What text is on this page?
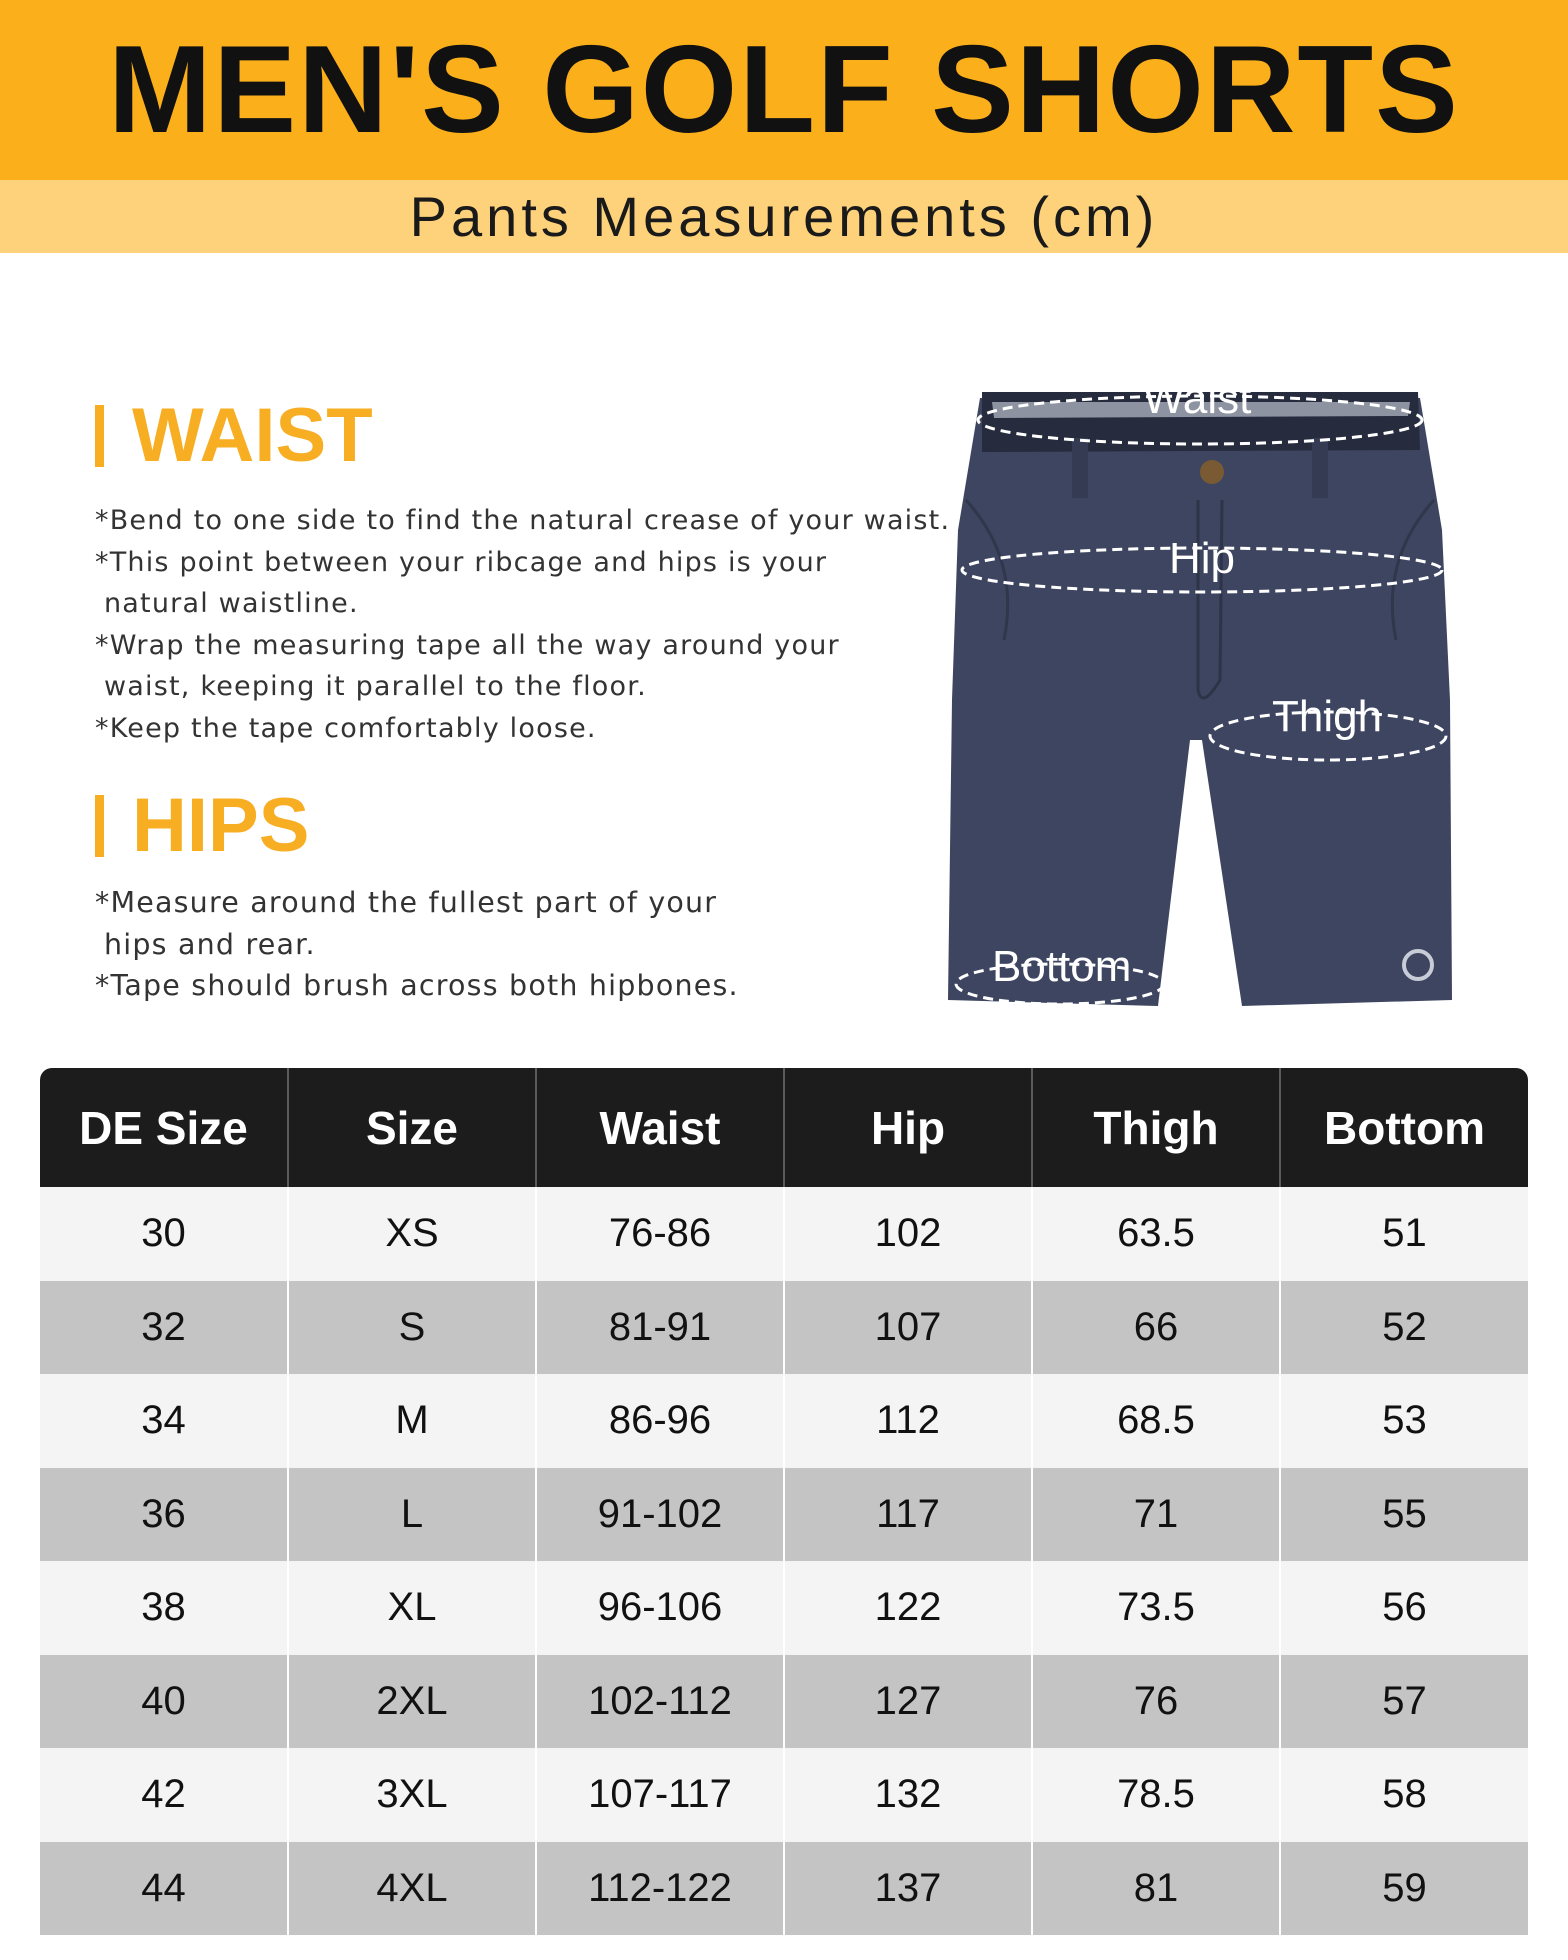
MEN'S GOLF SHORTS
Pants Measurements (cm)
WAIST
*Bend to one side to find the natural crease of your waist.
*This point between your ribcage and hips is your
natural waistline.
*Wrap the measuring tape all the way around your
waist, keeping it parallel to the floor.
*Keep the tape comfortably loose.
HIPS
*Measure around the fullest part of your
hips and rear.
*Tape should brush across both hipbones.
Waist
Hip
Thigh
Bottom
DE Size	Size	Waist	Hip	Thigh	Bottom
30	XS	76-86	102	63.5	51
32	S	81-91	107	66	52
34	M	86-96	112	68.5	53
36	L	91-102	117	71	55
38	XL	96-106	122	73.5	56
40	2XL	102-112	127	76	57
42	3XL	107-117	132	78.5	58
44	4XL	112-122	137	81	59
